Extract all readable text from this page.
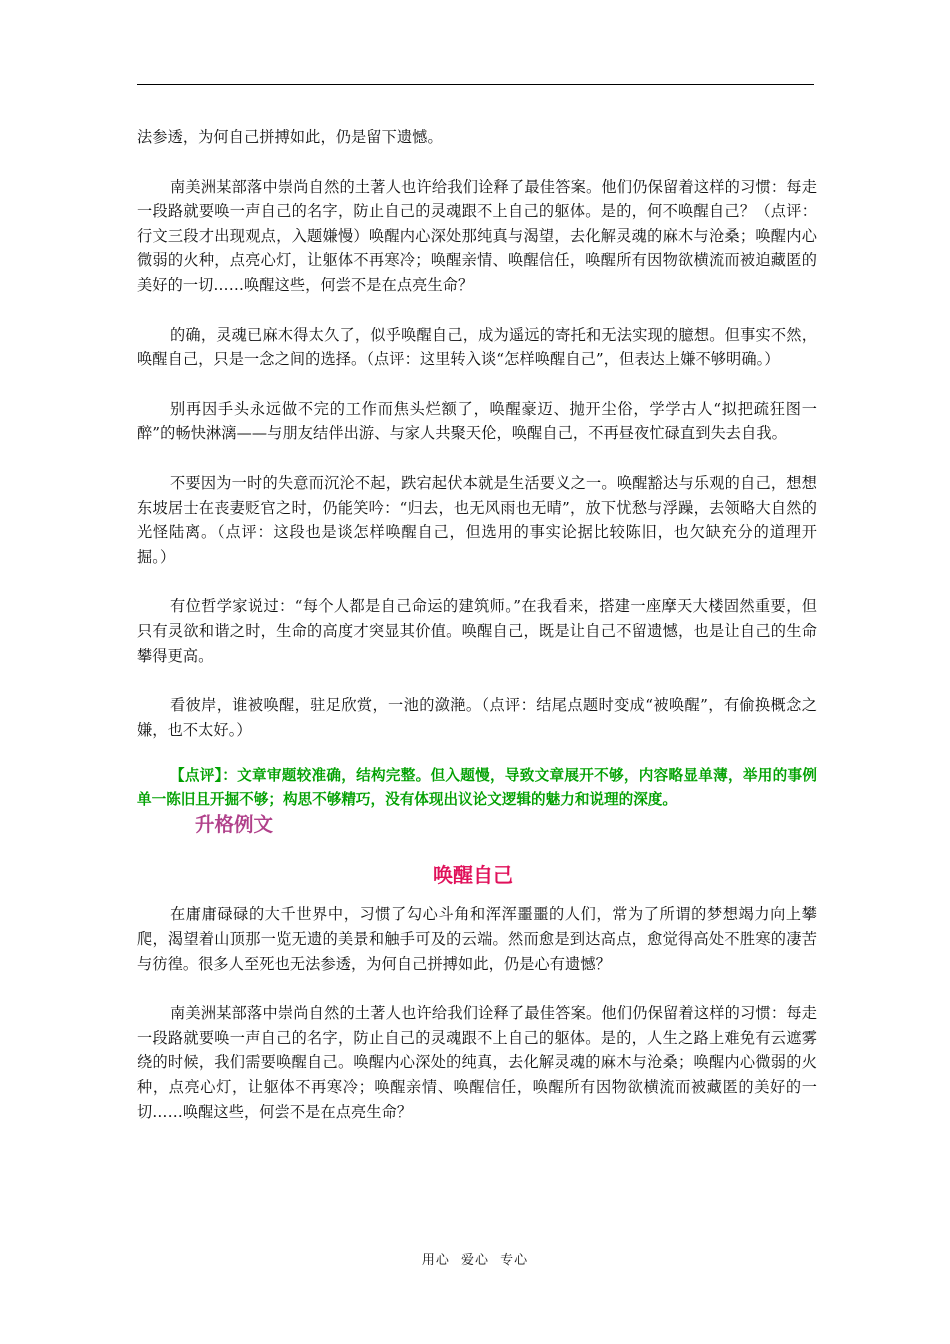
法参透，为何自己拼搏如此，仍是留下遗憾。

南美洲某部落中崇尚自然的土著人也许给我们诠释了最佳答案。他们仍保留着这样的习惯：每走一段路就要唤一声自己的名字，防止自己的灵魂跟不上自己的躯体。是的，何不唤醒自己？（点评：行文三段才出现观点，入题嫌慢）唤醒内心深处那纯真与渴望，去化解灵魂的麻木与沧桑；唤醒内心微弱的火种，点亮心灯，让躯体不再寒冷；唤醒亲情、唤醒信任，唤醒所有因物欲横流而被迫藏匿的美好的一切……唤醒这些，何尝不是在点亮生命？

的确，灵魂已麻木得太久了，似乎唤醒自己，成为遥远的寄托和无法实现的臆想。但事实不然，唤醒自己，只是一念之间的选择。（点评：这里转入谈“怎样唤醒自己”，但表达上嫌不够明确。）

别再因手头永远做不完的工作而焦头烂额了，唤醒豪迈、抛开尘俗，学学古人“拟把疏狂图一醉”的畅快淋漓——与朋友结伴出游、与家人共聚天伦，唤醒自己，不再昼夜忙碌直到失去自我。

不要因为一时的失意而沉沦不起，跌宕起伏本就是生活要义之一。唤醒豁达与乐观的自己，想想东坡居士在丧妻贬官之时，仍能笑吟：“归去，也无风雨也无晴”，放下忧愁与浮躁，去领略大自然的光怪陆离。（点评：这段也是谈怎样唤醒自己，但选用的事实论据比较陈旧，也欠缺充分的道理开掘。）

有位哲学家说过：“每个人都是自己命运的建筑师。”在我看来，搭建一座摩天大楼固然重要，但只有灵欲和谐之时，生命的高度才突显其价值。唤醒自己，既是让自己不留遗憾，也是让自己的生命攀得更高。

看彼岸，谁被唤醒，驻足欣赏，一池的潋滟。（点评：结尾点题时变成“被唤醒”，有偷换概念之嫌，也不太好。）

【点评】：文章审题较准确，结构完整。但入题慢，导致文章展开不够，内容略显单薄，举用的事例单一陈旧且开掘不够；构思不够精巧，没有体现出议论文逻辑的魅力和说理的深度。

升格例文
唤醒自己

在庸庸碌碌的大千世界中，习惯了勾心斗角和浑浑噩噩的人们，常为了所谓的梦想竭力向上攀爬，渴望着山顶那一览无遗的美景和触手可及的云端。然而愈是到达高点，愈觉得高处不胜寒的凄苦与彷徨。很多人至死也无法参透，为何自己拼搏如此，仍是心有遗憾？

南美洲某部落中崇尚自然的土著人也许给我们诠释了最佳答案。他们仍保留着这样的习惯：每走一段路就要唤一声自己的名字，防止自己的灵魂跟不上自己的躯体。是的，人生之路上难免有云遮雾绕的时候，我们需要唤醒自己。唤醒内心深处的纯真，去化解灵魂的麻木与沧桑；唤醒内心微弱的火种，点亮心灯，让躯体不再寒冷；唤醒亲情、唤醒信任，唤醒所有因物欲横流而被藏匿的美好的一切……唤醒这些，何尝不是在点亮生命？

用心 爱心 专心
